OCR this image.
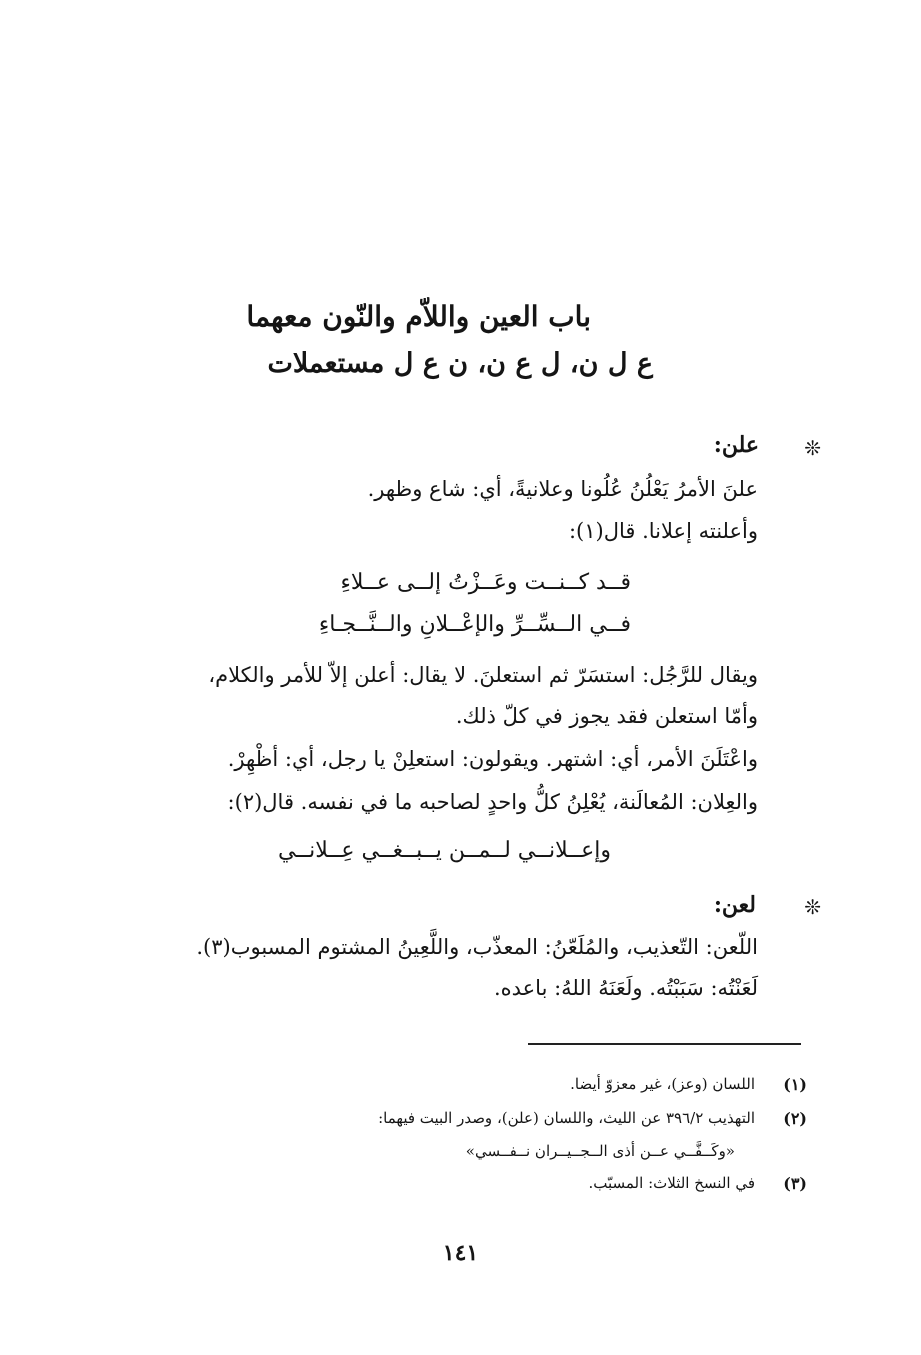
باب العين واللاّم والنّون معهما
ع ل ن، ل ع ن، ن ع ل مستعملات
❊
علن:
علنَ الأمرُ يَعْلُنُ عُلُونا وعلانيةً، أي: شاع وظهر.
وأعلنته إعلانا. قال(١):
قــد كــنــت وعَــزْتُ إلــى عــلاءِ
فــي الــسِّــرِّ والإعْــلانِ والــنَّــجـاءِ
ويقال للرَّجُل: استسَرّ ثم استعلنَ. لا يقال: أعلن إلاّ للأمر والكلام،
وأمّا استعلن فقد يجوز في كلّ ذلك.
واعْتَلَنَ الأمر، أي: اشتهر. ويقولون: استعلِنْ يا رجل، أي: أظْهِرْ.
والعِلان: المُعالَنة، يُعْلِنُ كلُّ واحدٍ لصاحبه ما في نفسه. قال(٢):
وإعــلانــي لــمــن يــبــغــي عِــلانــي
❊
لعن:
اللّعن: التّعذيب، والمُلَعّنُ: المعذّب، واللَّعِينُ المشتوم المسبوب(٣).
لَعَنْتُه: سَبَبْتُه. ولَعَنَهُ اللهُ: باعده.
(١)
اللسان (وعز)، غير معزوّ أيضا.
(٢)
التهذيب ٣٩٦/٢ عن الليث، واللسان (علن)، وصدر البيت فيهما:
«وكَــفَّــي عــن أذى الــجــيــران نــفــسي»
(٣)
في النسخ الثلاث: المسبّب.
١٤١
